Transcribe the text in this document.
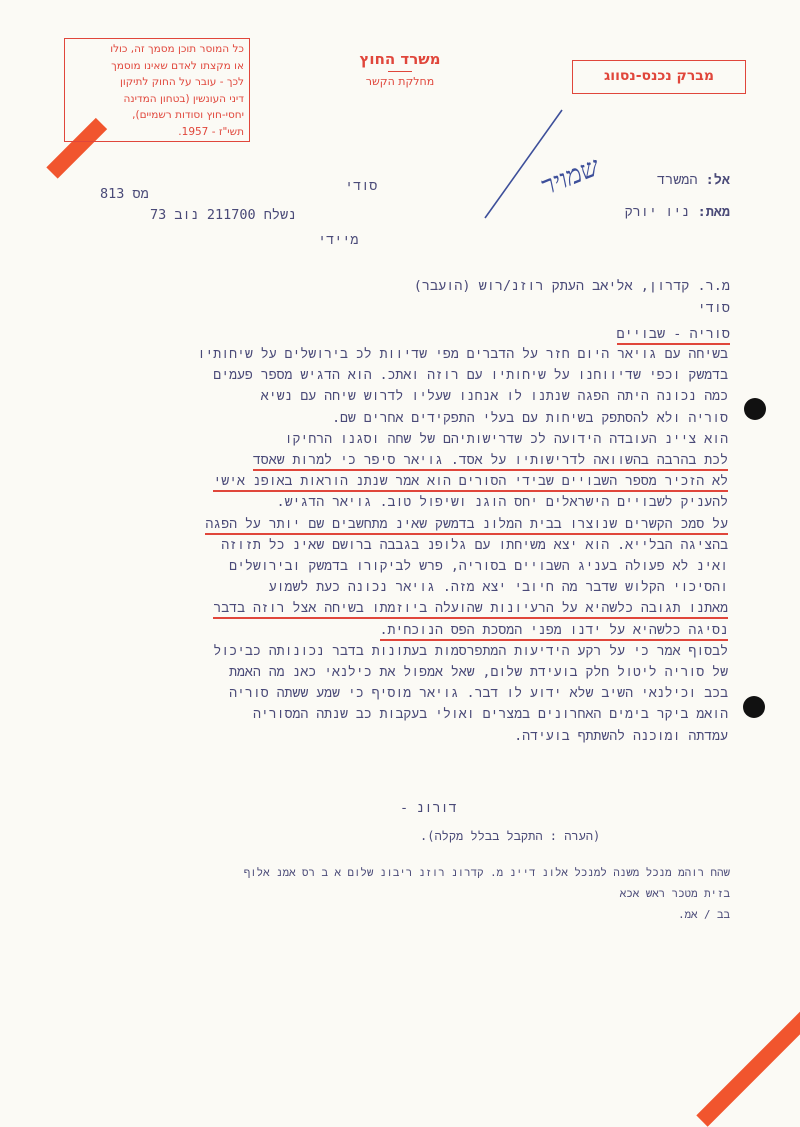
כל המוסר תוכן מסמך זה, כולו
או מקצתו לאדם שאינו מוסמך
לכך - עובר על החוק לתיקון
דיני העונשין (בטחון המדינה
יחסי-חוץ וסודות רשמיים),
תשי"ז - 1957.
משרד החוץ
מחלקת הקשר	מברק נכנס-נסווג
שמויר	אל: המשרד
סודי
מס 813
מאת: ניו יורק
נשלח 211700 נוב 73
מיידי
מ.ר. קדרון, אליאב העתק רוזנ/רוש (הועבר)
סודי
סוריה - שבויים
בשיחה עם גויאר היום חזר על הדברים מפי שדיוות לכ בירושלים על שיחותיו
בדמשק וכפי שדיווחנו על שיחותיו עם רוזה ואתכ. הוא הדגיש מספר פעמים
כמה נכונה היתה הפגה שנתנו לו אנחנו שעליו לדרוש שיחה עם נשיא
סוריה ולא להסתפק בשיחות עם בעלי התפקידים אחרים שם.
הוא ציינ העובדה הידועה לכ שדרישותיהם של שחה וסגנו הרחיקו
לכת בהרבה בהשוואה לדרישותיו על אסד. גויאר סיפר כי למרות שאסד
לא הזכיר מספר השבויים שבידי הסורים הוא אמר שנתנ הוראות באופנ אישי
להעניק לשבויים הישראלים יחס הוגנ ושיפול טוב. גויאר הדגיש.
על סמכ הקשרים שנוצרו בבית המלונ בדמשק שאינ מתחשבים שם יותר על הפגה
בהציגה הבלייא. הוא יצא משיחתו עם גלופנ בגבבה ברושם שאינ כל תזוזה
ואינ לא פעולה בעניג השבויים בסוריה, פרש לביקורו בדמשק ובירושלים
והסיכוי הקלוש שדבר מה חיובי יצא מזה. גויאר נכונה כעת לשמוע
מאתנו תגובה כלשהיא על הרעיונות שהועלה ביוזמתו בשיחה אצל רוזה בדבר
נסיגה כלשהיא על ידנו מפני המסכת הפס הנוכחית.
לבסוף אמר כי על רקע הידיעות המתפרסמות בעתונות בדבר נכונותה כביכול
של סוריה ליטול חלק בועידת שלום, שאל אמפול את כילנאי כאנ מה האמת
בכב וכילנאי השיב שלא ידוע לו דבר. גויאר מוסיף כי שמע ששתה סוריה
הואמ ביקר בימים האחרונים במצרים ואולי בעקבות כב שנתה המסוריה
עמדתה ומוכנה להשתתף בועידה.
דורונ -
(הערה : התקבל בבלל מקלה).
שהח רוהמ מנכל משנה למנכל אלונ דיינ מ. קדרונ רוזנ ריבונ שלום א ב רס אמנ אלוף
בזית מטכר ראש אכא
בב / אמ.
